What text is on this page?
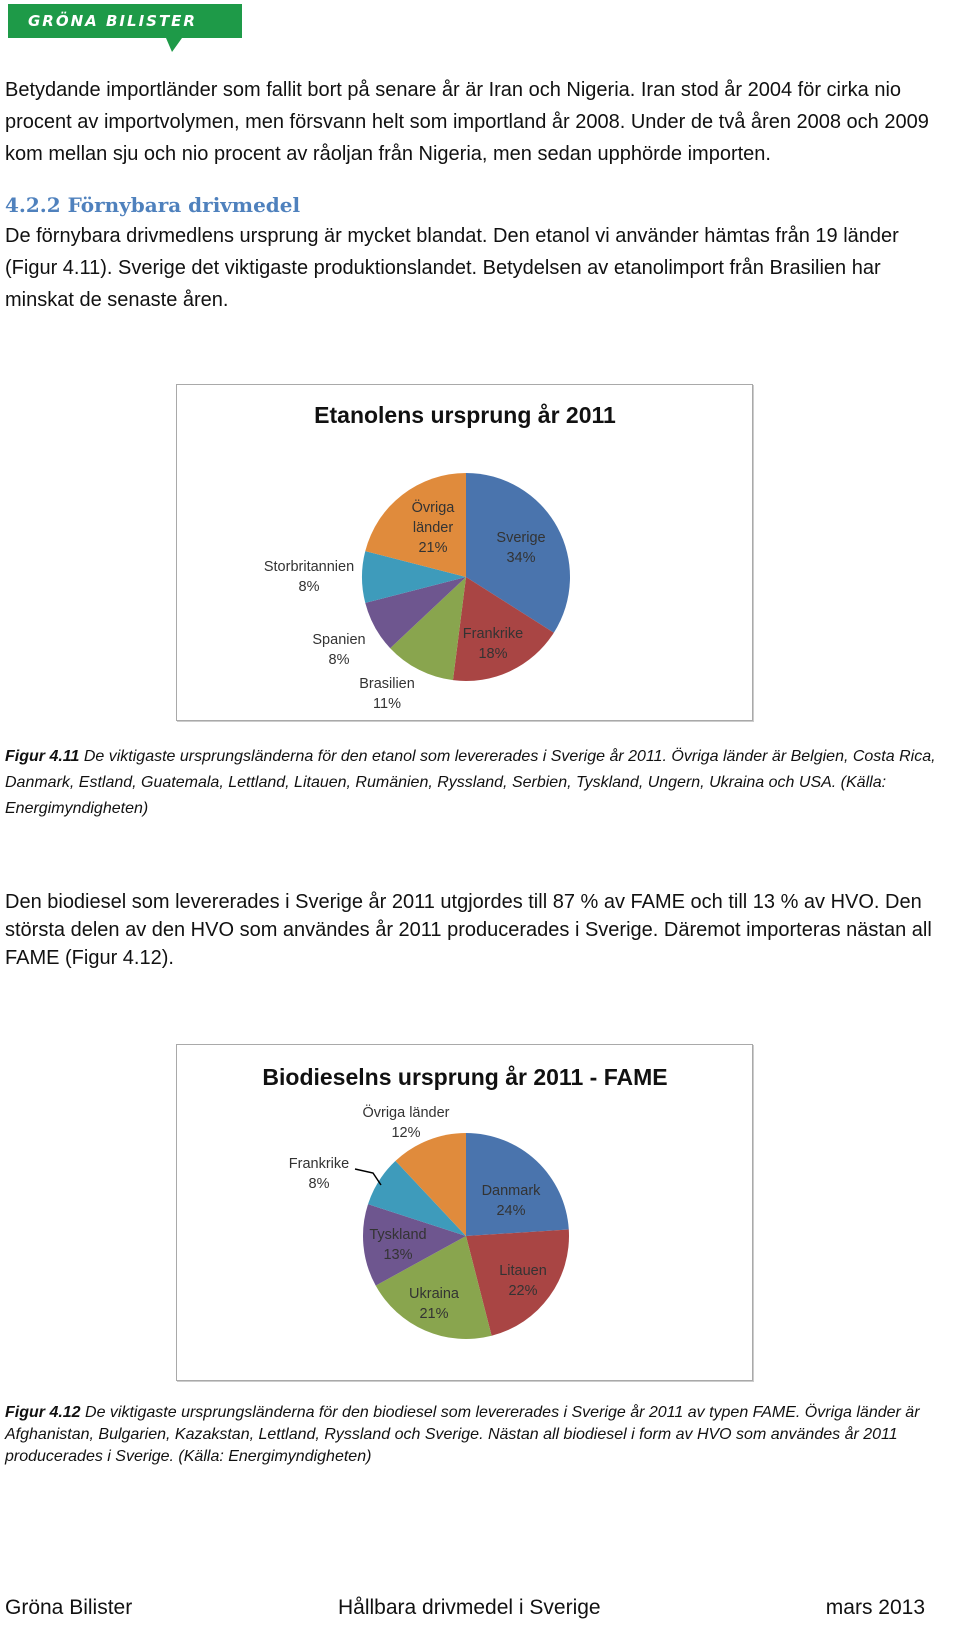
GRÖNA BILISTER

Betydande importländer som fallit bort på senare år är Iran och Nigeria. Iran stod år 2004 för cirka nio procent av importvolymen, men försvann helt som importland år 2008. Under de två åren 2008 och 2009 kom mellan sju och nio procent av råoljan från Nigeria, men sedan upphörde importen.

4.2.2 Förnybara drivmedel

De förnybara drivmedlens ursprung är mycket blandat. Den etanol vi använder hämtas från 19 länder (Figur 4.11). Sverige det viktigaste produktionslandet. Betydelsen av etanolimport från Brasilien har minskat de senaste åren.

Etanolens ursprung år 2011
Sverige 34%
Frankrike 18%
Brasilien 11%
Spanien 8%
Storbritannien 8%
Övriga länder 21%

Figur 4.11 De viktigaste ursprungsländerna för den etanol som levererades i Sverige år 2011. Övriga länder är Belgien, Costa Rica, Danmark, Estland, Guatemala, Lettland, Litauen, Rumänien, Ryssland, Serbien, Tyskland, Ungern, Ukraina och USA. (Källa: Energimyndigheten)

Den biodiesel som levererades i Sverige år 2011 utgjordes till 87 % av FAME och till 13 % av HVO. Den största delen av den HVO som användes år 2011 producerades i Sverige. Däremot importeras nästan all FAME (Figur 4.12).

Biodieselns ursprung år 2011 - FAME
Danmark 24%
Litauen 22%
Ukraina 21%
Tyskland 13%
Frankrike 8%
Övriga länder 12%

Figur 4.12 De viktigaste ursprungsländerna för den biodiesel som levererades i Sverige år 2011 av typen FAME. Övriga länder är Afghanistan, Bulgarien, Kazakstan, Lettland, Ryssland och Sverige. Nästan all biodiesel i form av HVO som användes år 2011 producerades i Sverige. (Källa: Energimyndigheten)

Gröna Bilister	Hållbara drivmedel i Sverige	mars 2013
